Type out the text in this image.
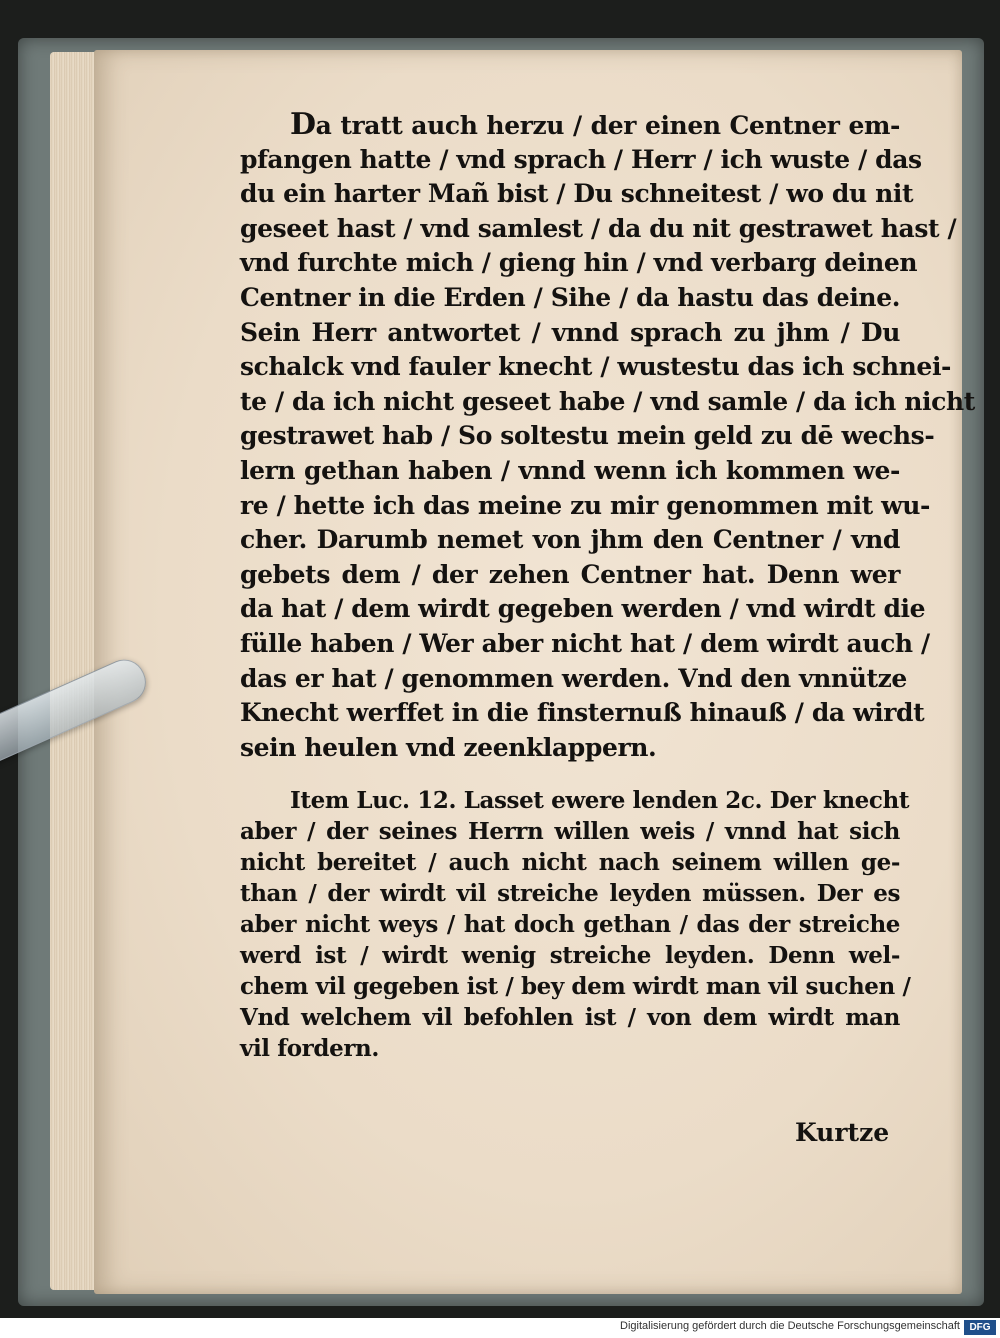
Da tratt auch herzu / der einen Centner em-
pfangen hatte / vnd sprach / Herr / ich wuste / das
du ein harter Mañ bist / Du schneitest / wo du nit
geseet hast / vnd samlest / da du nit gestrawet hast /
vnd furchte mich / gieng hin / vnd verbarg deinen
Centner in die Erden / Sihe / da hastu das deine.
Sein Herr antwortet / vnnd sprach zu jhm / Du
schalck vnd fauler knecht / wustestu das ich schnei-
te / da ich nicht geseet habe / vnd samle / da ich nicht
gestrawet hab / So soltestu mein geld zu dē wechs-
lern gethan haben / vnnd wenn ich kommen we-
re / hette ich das meine zu mir genommen mit wu-
cher. Darumb nemet von jhm den Centner / vnd
gebets dem / der zehen Centner hat. Denn wer
da hat / dem wirdt gegeben werden / vnd wirdt die
fülle haben / Wer aber nicht hat / dem wirdt auch /
das er hat / genommen werden. Vnd den vnnütze
Knecht werffet in die finsternuß hinauß / da wirdt
sein heulen vnd zeenklappern.
Item Luc. 12. Lasset ewere lenden 2c. Der knecht
aber / der seines Herrn willen weis / vnnd hat sich
nicht bereitet / auch nicht nach seinem willen ge-
than / der wirdt vil streiche leyden müssen. Der es
aber nicht weys / hat doch gethan / das der streiche
werd ist / wirdt wenig streiche leyden. Denn wel-
chem vil gegeben ist / bey dem wirdt man vil suchen /
Vnd welchem vil befohlen ist / von dem wirdt man
vil fordern.
Kurtze
Digitalisierung gefördert durch die Deutsche Forschungsgemeinschaft DFG
